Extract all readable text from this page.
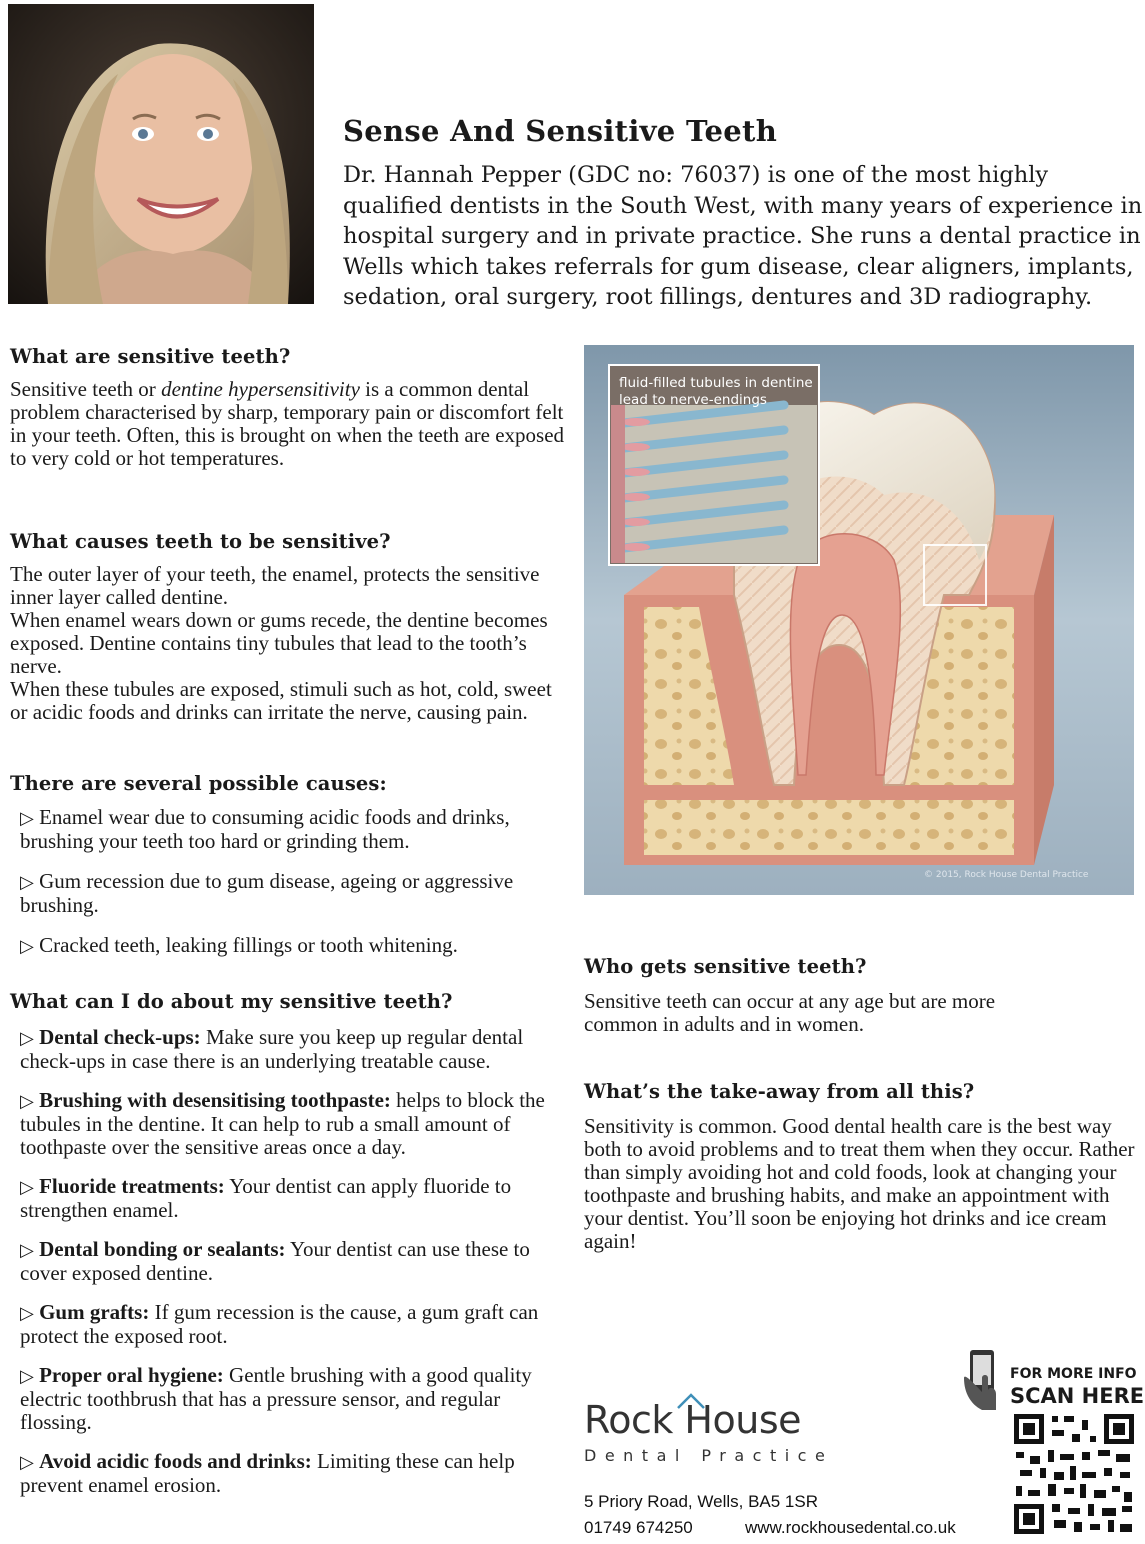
Sense And Sensitive Teeth
Dr. Hannah Pepper (GDC no: 76037) is one of the most highly qualified dentists in the South West, with many years of experience in hospital surgery and in private practice. She runs a dental practice in Wells which takes referrals for gum disease, clear aligners, implants, sedation, oral surgery, root fillings, dentures and 3D radiography.
What are sensitive teeth?

Sensitive teeth or dentine hypersensitivity is a common dental problem characterised by sharp, temporary pain or discomfort felt in your teeth. Often, this is brought on when the teeth are exposed to very cold or hot temperatures.

What causes teeth to be sensitive?

The outer layer of your teeth, the enamel, protects the sensitive inner layer called dentine.

When enamel wears down or gums recede, the dentine becomes exposed. Dentine contains tiny tubules that lead to the tooth’s nerve.

When these tubules are exposed, stimuli such as hot, cold, sweet or acidic foods and drinks can irritate the nerve, causing pain.

There are several possible causes:

▷ Enamel wear due to consuming acidic foods and drinks, brushing your teeth too hard or grinding them.

▷ Gum recession due to gum disease, ageing or aggressive brushing.

▷ Cracked teeth, leaking fillings or tooth whitening.

What can I do about my sensitive teeth?

▷ Dental check-ups: Make sure you keep up regular dental check-ups in case there is an underlying treatable cause.

▷ Brushing with desensitising toothpaste: helps to block the tubules in the dentine. It can help to rub a small amount of toothpaste over the sensitive areas once a day.

▷ Fluoride treatments: Your dentist can apply fluoride to strengthen enamel.

▷ Dental bonding or sealants: Your dentist can use these to cover exposed dentine.

▷ Gum grafts: If gum recession is the cause, a gum graft can protect the exposed root.

▷ Proper oral hygiene: Gentle brushing with a good quality electric toothbrush that has a pressure sensor, and regular flossing.

▷ Avoid acidic foods and drinks: Limiting these can help prevent enamel erosion.

fluid-filled tubules in dentine
lead to nerve-endings
© 2015, Rock House Dental Practice
Who gets sensitive teeth?

Sensitive teeth can occur at any age but are more common in adults and in women.

What’s the take-away from all this?

Sensitivity is common. Good dental health care is the best way both to avoid problems and to treat them when they occur. Rather than simply avoiding hot and cold foods, look at changing your toothpaste and brushing habits, and make an appointment with your dentist. You’ll soon be enjoying hot drinks and ice cream again!

Rock House
Dental Practice
5 Priory Road, Wells, BA5 1SR
01749 674250	www.rockhousedental.co.uk
FOR MORE INFO
SCAN HERE
